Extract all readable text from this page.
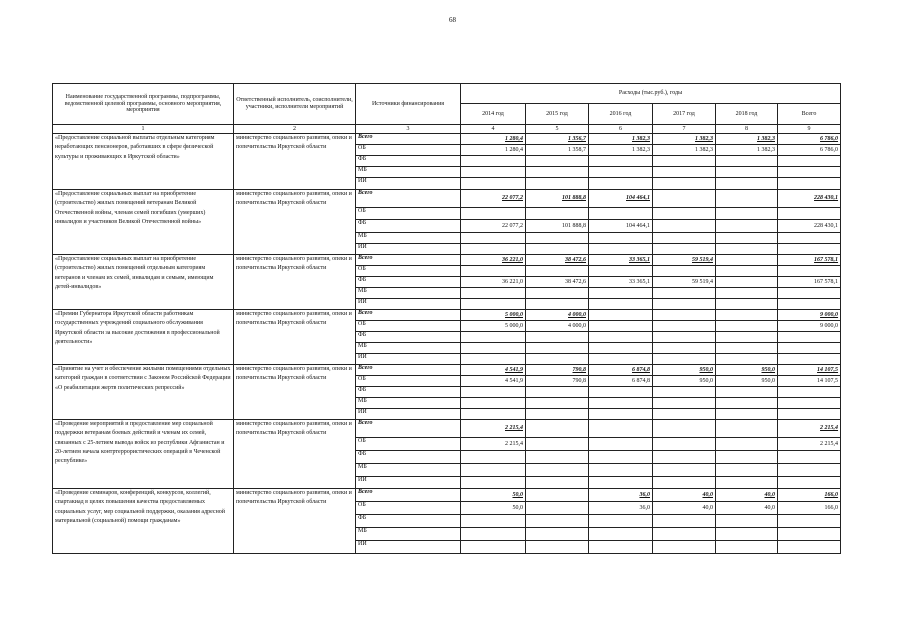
68
Наименование государственной программы, подпрограммы, ведомственной целевой программы, основного мероприятия, мероприятия	Ответственный исполнитель, соисполнители, участники, исполнители мероприятий	Источники финансирования	Расходы (тыс.руб.), годы					
			2014 год	2015 год	2016 год	2017 год	2018 год	Всего
1	2	3	4	5	6	7	8	9
«Предоставление социальной выплаты отдельным категориям неработающих пенсионеров, работавших в сфере физической культуры и проживающих в Иркутской области»	министерство социального развития, опеки и попечительства Иркутской области	Всего	1 280,4	1 356,7	1 382,3	1 382,3	1 382,3	6 786,0
		ОБ	1 280,4	1 358,7	1 382,3	1 382,3	1 382,3	6 786,0
		ФБ						
		МБ						
		ИИ						
«Предоставление социальных выплат на приобретение (строительство) жилых помещений ветеранам Великой Отечественной войны, членам семей погибших (умерших) инвалидов и участников Великой Отечественной войны»	министерство социального развития, опеки и попечительства Иркутской области	Всего	22 077,2	101 888,8	104 464,1			228 430,1
		ОБ						
		ФБ	22 077,2	101 888,8	104 464,1			228 430,1
		МБ						
		ИИ						
«Предоставление социальных выплат на приобретение (строительство) жилых помещений отдельным категориям ветеранов и членам их семей, инвалидам и семьям, имеющим детей-инвалидов»	министерство социального развития, опеки и попечительства Иркутской области	Всего	36 221,0	38 472,6	33 365,1	59 519,4		167 578,1
		ОБ						
		ФБ	36 221,0	38 472,6	33 365,1	59 519,4		167 578,1
		МБ						
		ИИ						
«Премии Губернатора Иркутской области работникам государственных учреждений социального обслуживания Иркутской области за высокие достижения в профессиональной деятельности»	министерство социального развития, опеки и попечительства Иркутской области	Всего	5 000,0	4 000,0				9 000,0
		ОБ	5 000,0	4 000,0				9 000,0
		ФБ						
		МБ						
		ИИ						
«Принятие на учет и обеспечение жилыми помещениями отдельных категорий граждан в соответствии с Законом Российской Федерации «О реабилитации жертв политических репрессий»	министерство социального развития, опеки и попечительства Иркутской области	Всего	4 541,9	790,8	6 874,8	950,0	950,0	14 107,5
		ОБ	4 541,9	790,8	6 874,8	950,0	950,0	14 107,5
		ФБ						
		МБ						
		ИИ						
«Проведение мероприятий и предоставление мер социальной поддержки ветеранам боевых действий и членам их семей, связанных с 25-летием вывода войск из республики Афганистан и 20-летием начала контртеррористических операций в Чеченской республике»	министерство социального развития, опеки и попечительства Иркутской области	Всего	2 215,4					2 215,4
		ОБ	2 215,4					2 215,4
		ФБ						
		МБ						
		ИИ						
«Проведение семинаров, конференций, конкурсов, коллегий, спартакиад в целях повышения качества предоставляемых социальных услуг, мер социальной поддержки, оказания адресной материальной (социальной) помощи гражданам»	министерство социального развития, опеки и попечительства Иркутской области	Всего	50,0		36,0	40,0	40,0	166,0
		ОБ	50,0		36,0	40,0	40,0	166,0
		ФБ						
		МБ						
		ИИ						
